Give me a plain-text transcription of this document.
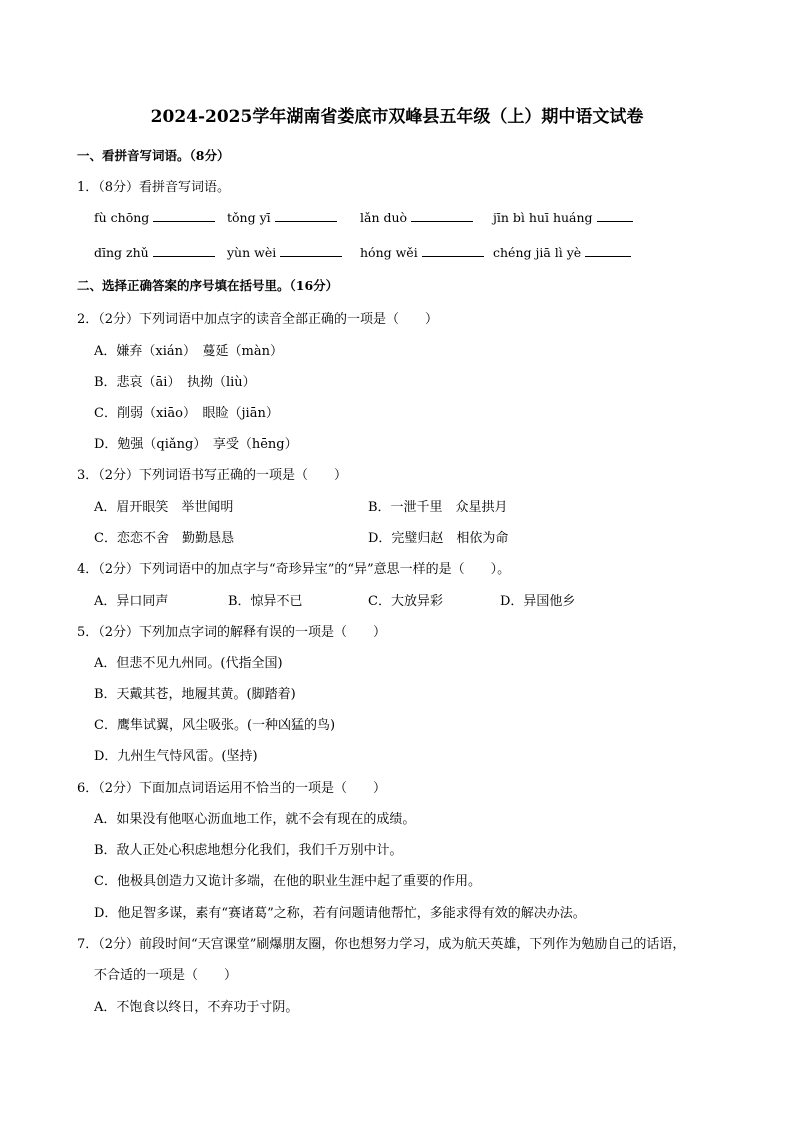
2024-2025学年湖南省娄底市双峰县五年级（上）期中语文试卷
一、看拼音写词语。（8分）
1．（8分）看拼音写词语。
fù chōng	tǒng yī	lǎn duò	jīn bì huī huáng
dīng zhǔ	yùn wèi	hóng wěi	chéng jiā lì yè
二、选择正确答案的序号填在括号里。（16分）
2．（2分）下列词语中加点字的读音全部正确的一项是（　　）
A．嫌弃（xián）　蔓延（màn）
B．悲哀（āi）　执拗（liù）
C．削弱（xiāo）　眼睑（jiān）
D．勉强（qiǎng）　享受（hēng）
3．（2分）下列词语书写正确的一项是（　　）
A．眉开眼笑　举世闻明	B．一泄千里　众星拱月
C．恋恋不舍　勤勤恳恳	D．完璧归赵　相依为命
4．（2分）下列词语中的加点字与“奇珍异宝”的“异”意思一样的是（　　）。
A．异口同声	B．惊异不已	C．大放异彩	D．异国他乡
5．（2分）下列加点字词的解释有误的一项是（　　）
A．但悲不见九州同。(代指全国)
B．天戴其苍，地履其黄。(脚踏着)
C．鹰隼试翼，风尘吸张。(一种凶猛的鸟)
D．九州生气恃风雷。(坚持)
6．（2分）下面加点词语运用不恰当的一项是（　　）
A．如果没有他呕心沥血地工作，就不会有现在的成绩。
B．敌人正处心积虑地想分化我们，我们千万别中计。
C．他极具创造力又诡计多端，在他的职业生涯中起了重要的作用。
D．他足智多谋，素有“赛诸葛”之称，若有问题请他帮忙，多能求得有效的解决办法。
7．（2分）前段时间“天宫课堂”刷爆朋友圈，你也想努力学习，成为航天英雄，下列作为勉励自己的话语，
不合适的一项是（　　）
A．不饱食以终日，不弃功于寸阴。
